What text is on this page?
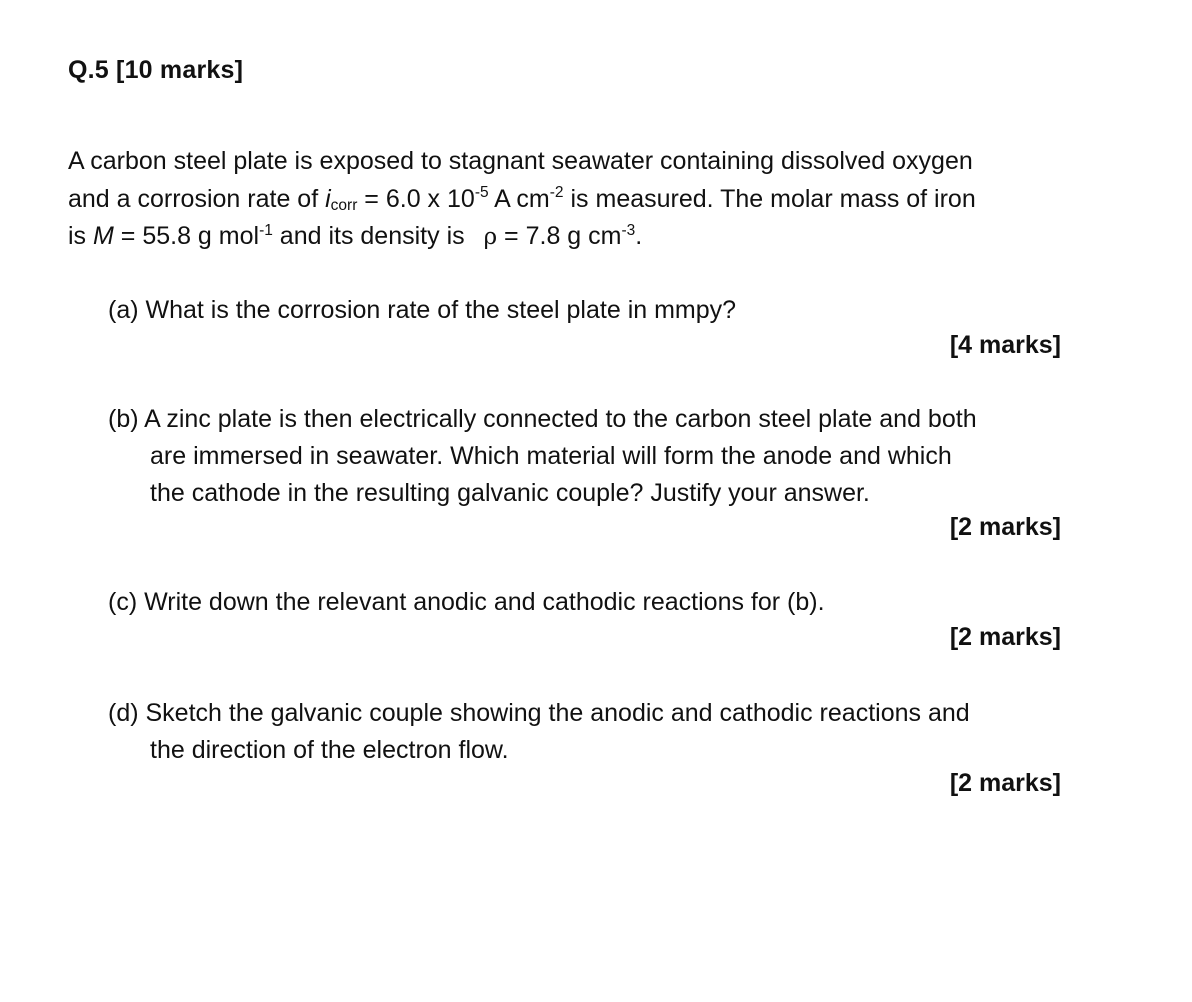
Q.5 [10 marks]
A carbon steel plate is exposed to stagnant seawater containing dissolved oxygen
and a corrosion rate of $i_{corr} = 6.0$ x $10^{-5}$ A $cm^{-2}$ is measured. The molar mass of iron
is M = 55.8 g mol$^{-1}$ and its density is ρ = 7.8 g $cm^{-3}$.
(a) What is the corrosion rate of the steel plate in mmpy?
[4 marks]
(b) A zinc plate is then electrically connected to the carbon steel plate and both
are immersed in seawater. Which material will form the anode and which
the cathode in the resulting galvanic couple? Justify your answer.
[2 marks]
(c) Write down the relevant anodic and cathodic reactions for (b).
[2 marks]
(d) Sketch the galvanic couple showing the anodic and cathodic reactions and
the direction of the electron flow.
[2 marks]
